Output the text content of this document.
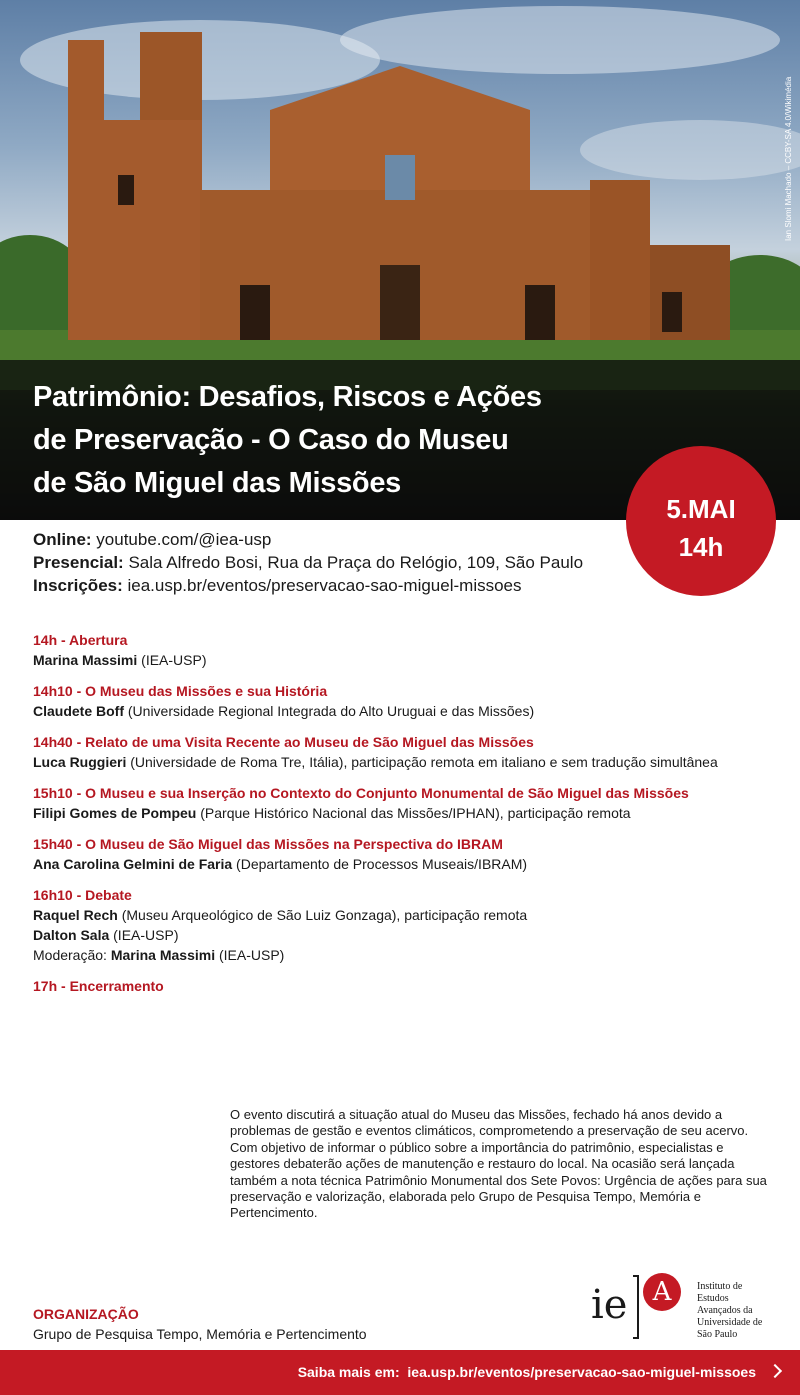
Ian Slomi Machado – CCBY-SA 4.0/Wikimédia
Patrimônio: Desafios, Riscos e Ações
de Preservação - O Caso do Museu
de São Miguel das Missões
5.MAI
14h
Online: youtube.com/@iea-usp
Presencial: Sala Alfredo Bosi, Rua da Praça do Relógio, 109, São Paulo
Inscrições: iea.usp.br/eventos/preservacao-sao-miguel-missoes
14h - Abertura
Marina Massimi (IEA-USP)
14h10 - O Museu das Missões e sua História
Claudete Boff (Universidade Regional Integrada do Alto Uruguai e das Missões)
14h40 - Relato de uma Visita Recente ao Museu de São Miguel das Missões
Luca Ruggieri (Universidade de Roma Tre, Itália), participação remota em italiano e sem tradução simultânea
15h10 - O Museu e sua Inserção no Contexto do Conjunto Monumental de São Miguel das Missões
Filipi Gomes de Pompeu (Parque Histórico Nacional das Missões/IPHAN), participação remota
15h40 - O Museu de São Miguel das Missões na Perspectiva do IBRAM
Ana Carolina Gelmini de Faria (Departamento de Processos Museais/IBRAM)
16h10 - Debate
Raquel Rech (Museu Arqueológico de São Luiz Gonzaga), participação remota
Dalton Sala (IEA-USP)
Moderação: Marina Massimi (IEA-USP)
17h - Encerramento

O evento discutirá a situação atual do Museu das Missões, fechado há anos devido a problemas de gestão e eventos climáticos, comprometendo a preservação de seu acervo. Com objetivo de informar o público sobre a importância do patrimônio, especialistas e gestores debaterão ações de manutenção e restauro do local. Na ocasião será lançada também a nota técnica Patrimônio Monumental dos Sete Povos: Urgência de ações para sua preservação e valorização, elaborada pelo Grupo de Pesquisa Tempo, Memória e Pertencimento.

ORGANIZAÇÃO
Grupo de Pesquisa Tempo, Memória e Pertencimento
ie A	Instituto de
Estudos
Avançados da
Universidade de
São Paulo
Saiba mais em: iea.usp.br/eventos/preservacao-sao-miguel-missoes
